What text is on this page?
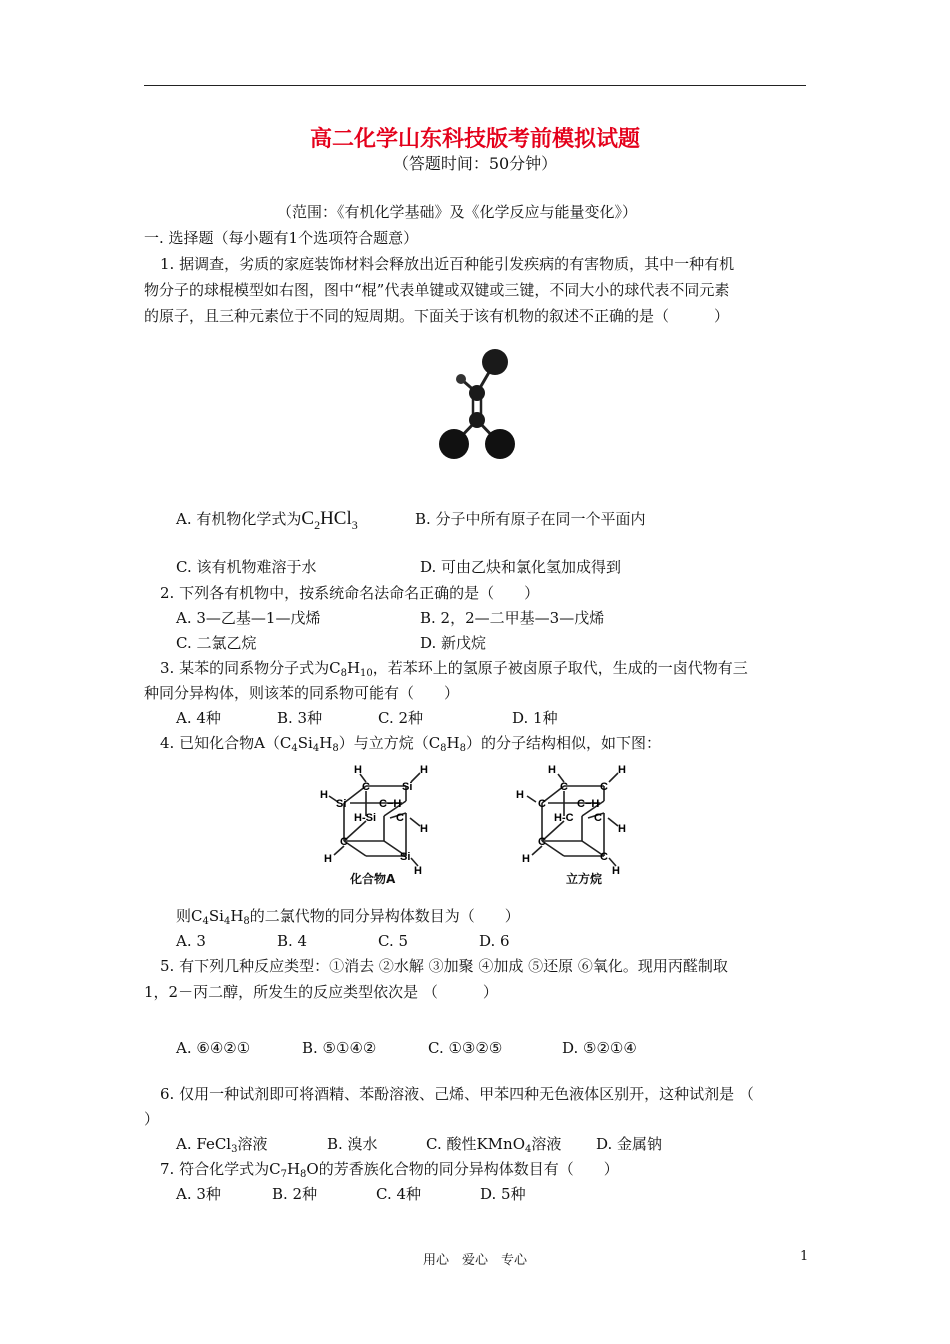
高二化学山东科技版考前模拟试题
（答题时间：50分钟）
（范围：《有机化学基础》及《化学反应与能量变化》）
一. 选择题（每小题有1个选项符合题意）
1. 据调查，劣质的家庭装饰材料会释放出近百种能引发疾病的有害物质，其中一种有机
物分子的球棍模型如右图，图中“棍”代表单键或双键或三键，不同大小的球代表不同元素
的原子，且三种元素位于不同的短周期。下面关于该有机物的叙述不正确的是（　　　）
A. 有机物化学式为$C_2HCl_3$	B. 分子中所有原子在同一个平面内
C. 该有机物难溶于水	D. 可由乙炔和氯化氢加成得到
2. 下列各有机物中，按系统命名法命名正确的是（　　）
A. 3—乙基—1—戊烯	B. 2，2—二甲基—3—戊烯
C. 二氯乙烷	D. 新戊烷
3. 某苯的同系物分子式为$C_8H_{10}$，若苯环上的氢原子被卤原子取代，生成的一卤代物有三
种同分异构体，则该苯的同系物可能有（　　）
A. 4种	B. 3种	C. 2种	D. 1种
4. 已知化合物$A(C_4Si_4H_8)$与立方烷$(C_8H_8)$的分子结构相似，如下图：
H
C	Si
H
H
Si	C−H
H-Si C
H
C
H	Si
H
化合物A
H
C	C
H
H
C	C−H
H-C C
H
C
H	C
H
立方烷
则$C_4Si_4H_8$的二氯代物的同分异构体数目为（　　）
A. 3	B. 4	C. 5	D. 6
5. 有下列几种反应类型：①消去 ②水解 ③加聚 ④加成 ⑤还原 ⑥氧化。现用丙醛制取
1，2－丙二醇，所发生的反应类型依次是 （　　　）
A. ⑥④②①	B. ⑤①④②	C. ①③②⑤	D. ⑤②①④
6. 仅用一种试剂即可将酒精、苯酚溶液、己烯、甲苯四种无色液体区别开，这种试剂是 （
）
A. FeCl$_3$溶液	B. 溴水	C. 酸性KMnO$_4$溶液 D. 金属钠
7. 符合化学式为$C_7H_8O$的芳香族化合物的同分异构体数目有（　　）
A. 3种	B. 2种	C. 4种	D. 5种
用心　爱心　专心	1
